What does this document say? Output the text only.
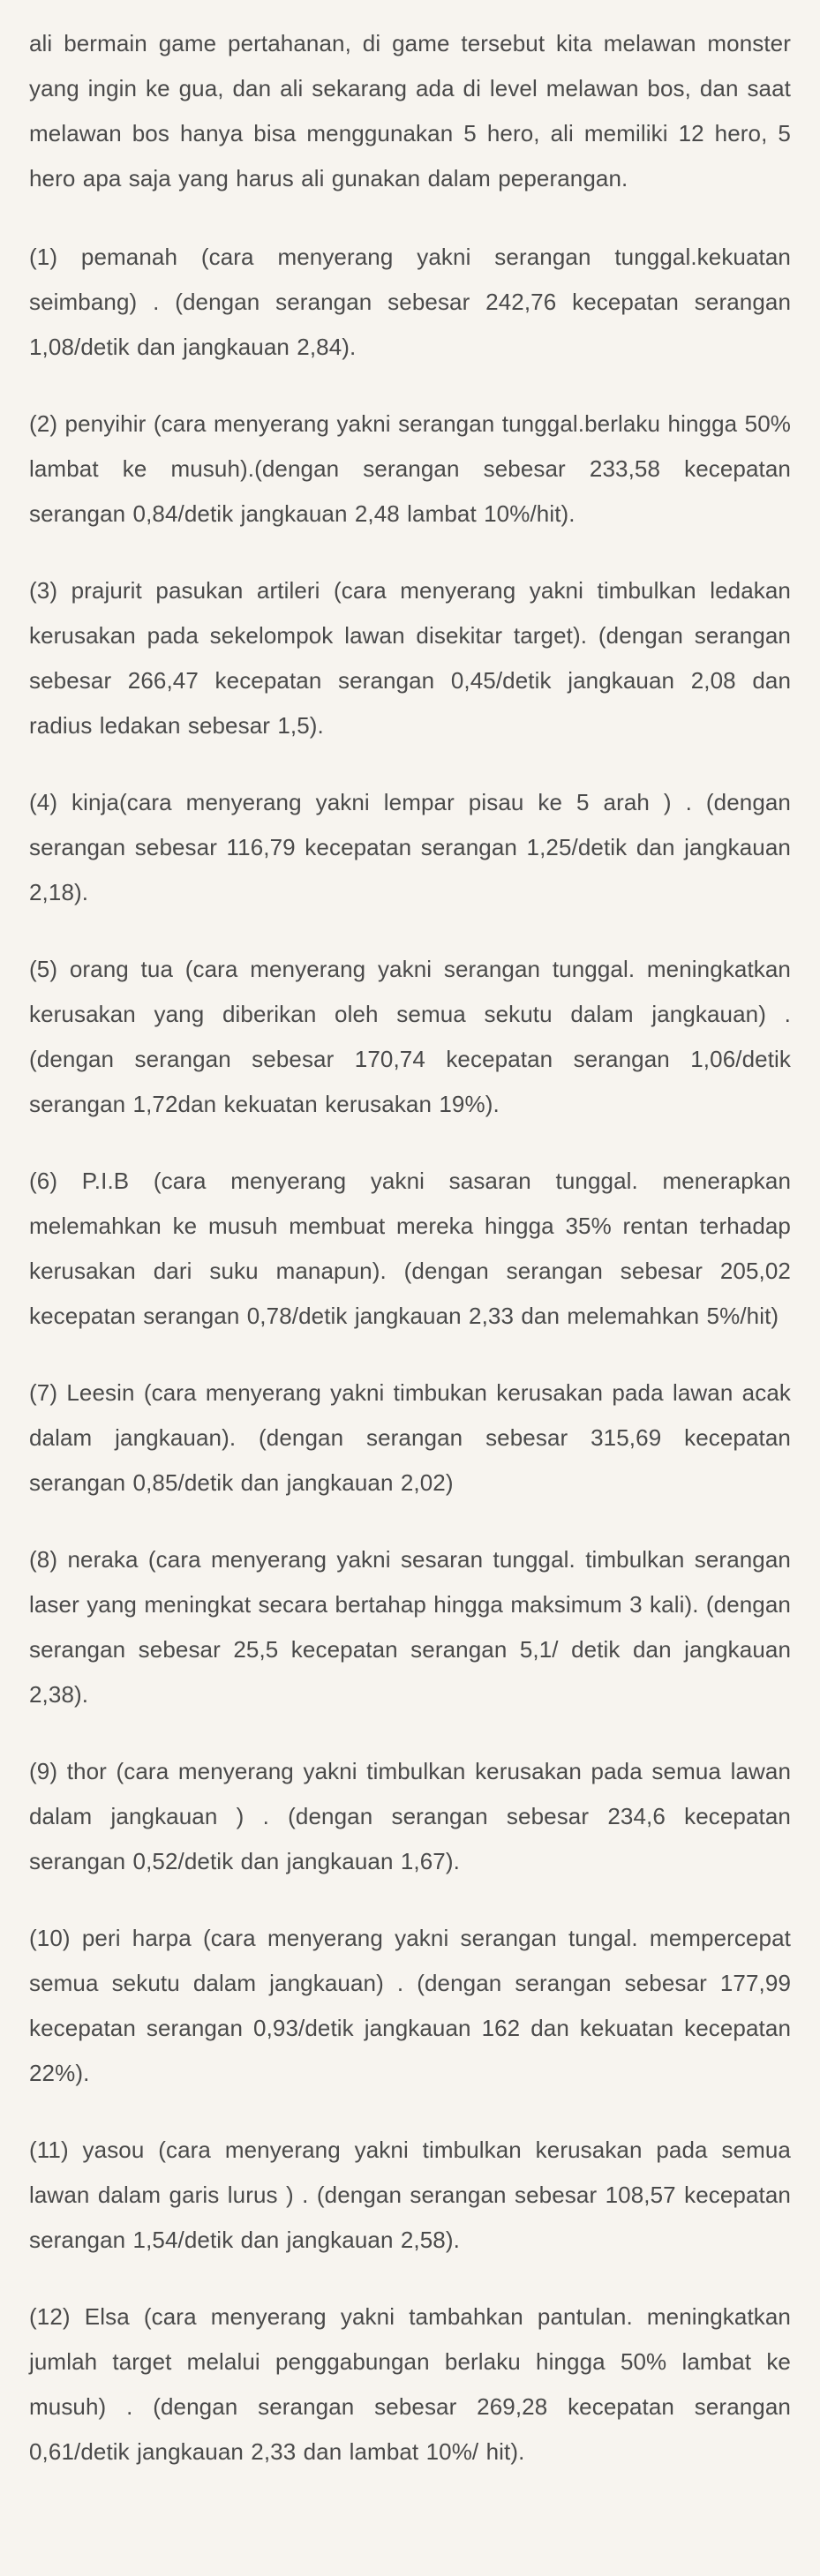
ali bermain game pertahanan, di game tersebut kita melawan monster yang ingin ke gua, dan ali sekarang ada di level melawan bos, dan saat melawan bos hanya bisa menggunakan 5 hero, ali memiliki 12 hero, 5 hero apa saja yang harus ali gunakan dalam peperangan.

(1) pemanah (cara menyerang yakni serangan tunggal.kekuatan seimbang) . (dengan serangan sebesar 242,76 kecepatan serangan 1,08/detik dan jangkauan 2,84).

(2) penyihir (cara menyerang yakni serangan tunggal.berlaku hingga 50% lambat ke musuh).(dengan serangan sebesar 233,58 kecepatan serangan 0,84/detik jangkauan 2,48 lambat 10%/hit).

(3) prajurit pasukan artileri (cara menyerang yakni timbulkan ledakan kerusakan pada sekelompok lawan disekitar target). (dengan serangan sebesar 266,47 kecepatan serangan 0,45/detik jangkauan 2,08 dan radius ledakan sebesar 1,5).

(4) kinja(cara menyerang yakni lempar pisau ke 5 arah ) . (dengan serangan sebesar 116,79 kecepatan serangan 1,25/detik dan jangkauan 2,18).

(5) orang tua (cara menyerang yakni serangan tunggal. meningkatkan kerusakan yang diberikan oleh semua sekutu dalam jangkauan) . (dengan serangan sebesar 170,74 kecepatan serangan 1,06/detik serangan 1,72dan kekuatan kerusakan 19%).

(6) P.I.B (cara menyerang yakni sasaran tunggal. menerapkan melemahkan ke musuh membuat mereka hingga 35% rentan terhadap kerusakan dari suku manapun). (dengan serangan sebesar 205,02 kecepatan serangan 0,78/detik jangkauan 2,33 dan melemahkan 5%/hit)

(7) Leesin (cara menyerang yakni timbukan kerusakan pada lawan acak dalam jangkauan). (dengan serangan sebesar 315,69 kecepatan serangan 0,85/detik dan jangkauan 2,02)

(8) neraka (cara menyerang yakni sesaran tunggal. timbulkan serangan laser yang meningkat secara bertahap hingga maksimum 3 kali). (dengan serangan sebesar 25,5 kecepatan serangan 5,1/ detik dan jangkauan 2,38).

(9) thor (cara menyerang yakni timbulkan kerusakan pada semua lawan dalam jangkauan ) . (dengan serangan sebesar 234,6 kecepatan serangan 0,52/detik dan jangkauan 1,67).

(10) peri harpa (cara menyerang yakni serangan tungal. mempercepat semua sekutu dalam jangkauan) . (dengan serangan sebesar 177,99 kecepatan serangan 0,93/detik jangkauan 162 dan kekuatan kecepatan 22%).

(11) yasou (cara menyerang yakni timbulkan kerusakan pada semua lawan dalam garis lurus ) . (dengan serangan sebesar 108,57 kecepatan serangan 1,54/detik dan jangkauan 2,58).

(12) Elsa (cara menyerang yakni tambahkan pantulan. meningkatkan jumlah target melalui penggabungan berlaku hingga 50% lambat ke musuh) . (dengan serangan sebesar 269,28 kecepatan serangan 0,61/detik jangkauan 2,33 dan lambat 10%/ hit).
